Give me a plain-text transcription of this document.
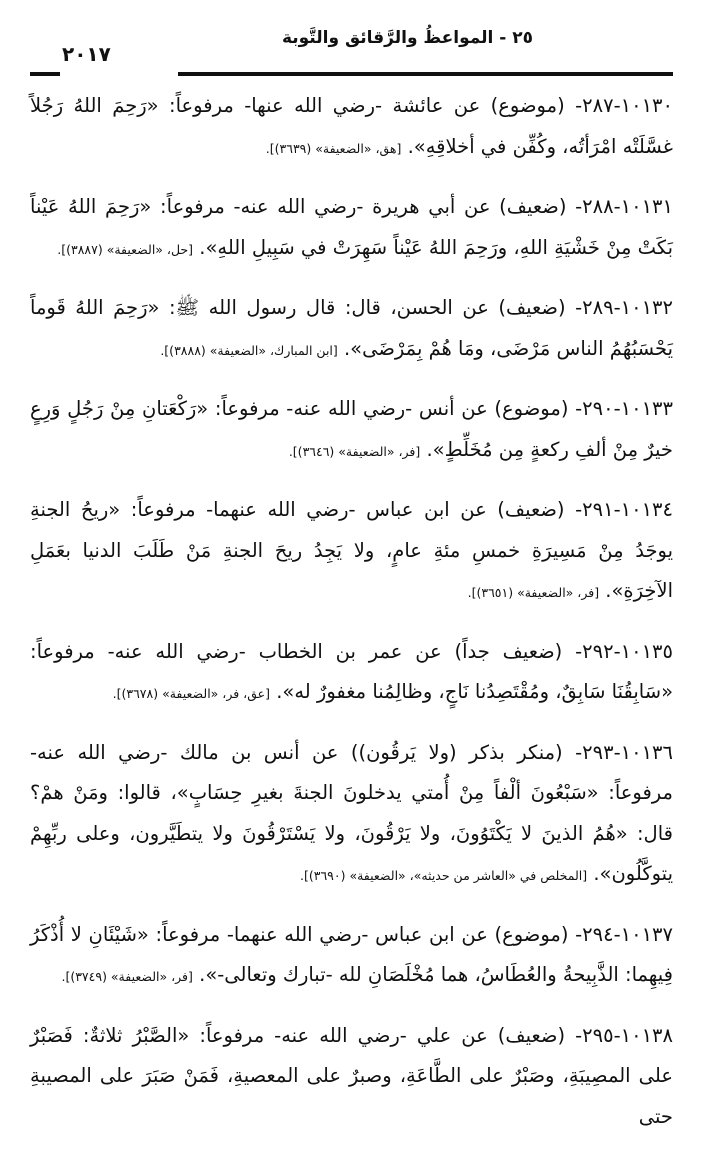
٢٥ - المواعظُ والرَّقائق والتَّوبة
٢٠١٧
١٠١٣٠-٢٨٧- (موضوع) عن عائشة -رضي الله عنها- مرفوعاً: «رَحِمَ اللهُ رَجُلاً غسَّلَتْه امْرَأتُه، وكُفِّن في أخلاقِهِ». [هق، «الضعيفة» (٣٦٣٩)].
١٠١٣١-٢٨٨- (ضعيف) عن أبي هريرة -رضي الله عنه- مرفوعاً: «رَحِمَ اللهُ عَيْناً بَكَتْ مِنْ خَشْيَةِ اللهِ، ورَحِمَ اللهُ عَيْناً سَهِرَتْ في سَبِيلِ اللهِ». [حل، «الضعيفة» (٣٨٨٧)].
١٠١٣٢-٢٨٩- (ضعيف) عن الحسن، قال: قال رسول الله ﷺ: «رَحِمَ اللهُ قَوماً يَحْسَبُهُمُ الناس مَرْضَى، ومَا هُمْ بِمَرْضَى». [ابن المبارك، «الضعيفة» (٣٨٨٨)].
١٠١٣٣-٢٩٠- (موضوع) عن أنس -رضي الله عنه- مرفوعاً: «رَكْعَتانِ مِنْ رَجُلٍ وَرِعٍ خيرٌ مِنْ ألفِ ركعةٍ مِن مُخَلِّطٍ». [فر، «الضعيفة» (٣٦٤٦)].
١٠١٣٤-٢٩١- (ضعيف) عن ابن عباس -رضي الله عنهما- مرفوعاً: «ريحُ الجنةِ يوجَدُ مِنْ مَسِيرَةِ خمسِ مئةِ عامٍ، ولا يَجِدُ ريحَ الجنةِ مَنْ طَلَبَ الدنيا بعَمَلِ الآخِرَةِ». [فر، «الضعيفة» (٣٦٥١)].
١٠١٣٥-٢٩٢- (ضعيف جداً) عن عمر بن الخطاب -رضي الله عنه- مرفوعاً: «سَابِقُنَا سَابِقٌ، ومُقْتَصِدُنا نَاجٍ، وظالِمُنا مغفورٌ له». [عق، فر، «الضعيفة» (٣٦٧٨)].
١٠١٣٦-٢٩٣- (منكر بذكر (ولا يَرقُون)) عن أنس بن مالك -رضي الله عنه- مرفوعاً: «سَبْعُونَ ألْفاً مِنْ أُمتي يدخلونَ الجنةَ بغيرِ حِسَابٍ»، قالوا: ومَنْ همْ؟ قال: «هُمُ الذينَ لا يَكْتَوُونَ، ولا يَرْقُونَ، ولا يَسْتَرْقُونَ ولا يتطَيَّرون، وعلى ربِّهِمْ يتوكَّلُون». [المخلص في «العاشر من حديثه»، «الضعيفة» (٣٦٩٠)].
١٠١٣٧-٢٩٤- (موضوع) عن ابن عباس -رضي الله عنهما- مرفوعاً: «شَيْئَانِ لا أُذْكَرُ فِيهِما: الذَّبِيحةُ والعُطَاسُ، هما مُخْلَصَانِ لله -تبارك وتعالى-». [فر، «الضعيفة» (٣٧٤٩)].
١٠١٣٨-٢٩٥- (ضعيف) عن علي -رضي الله عنه- مرفوعاً: «الصَّبْرُ ثلاثةٌ: فَصَبْرٌ على المصِيبَةِ، وصَبْرٌ على الطَّاعَةِ، وصبرٌ على المعصيةِ، فَمَنْ صَبَرَ على المصيبةِ حتى
